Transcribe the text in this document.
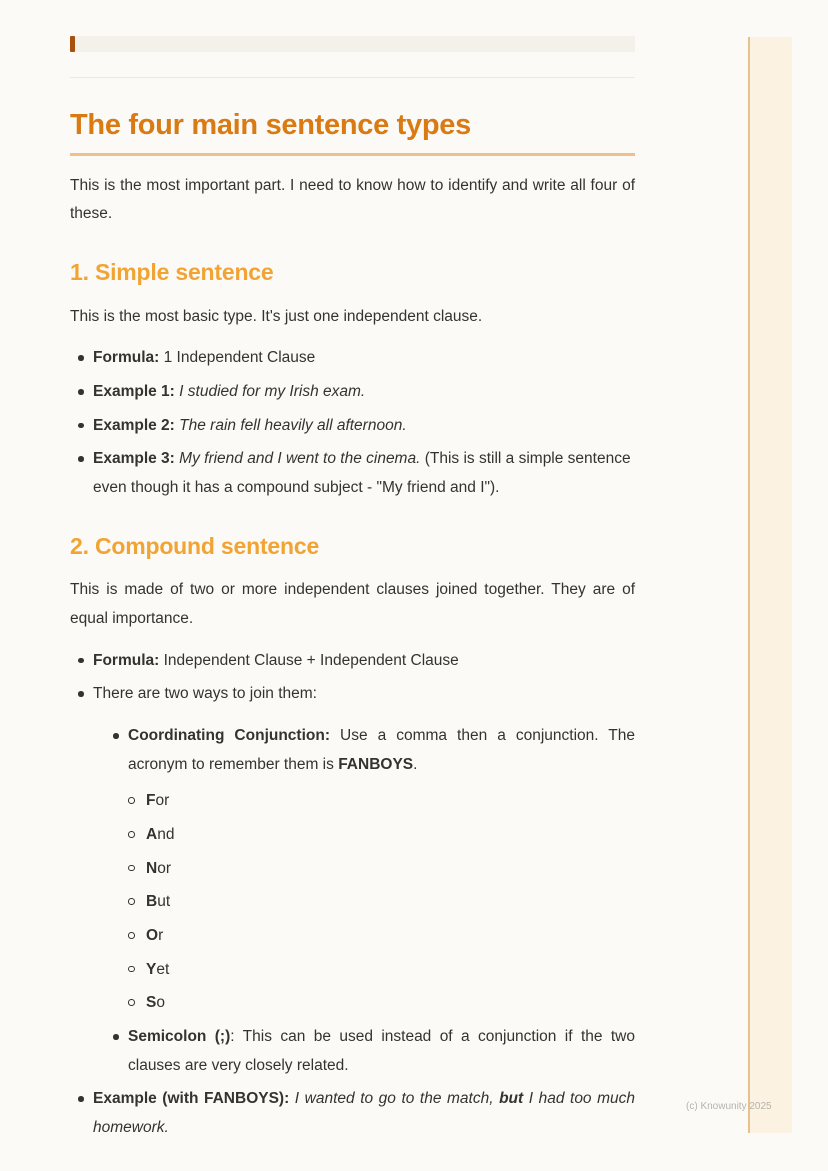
The four main sentence types

This is the most important part. I need to know how to identify and write all four of these.

1. Simple sentence

This is the most basic type. It's just one independent clause.

Formula: 1 Independent Clause
Example 1: I studied for my Irish exam.
Example 2: The rain fell heavily all afternoon.
Example 3: My friend and I went to the cinema. (This is still a simple sentence even though it has a compound subject - "My friend and I").
2. Compound sentence

This is made of two or more independent clauses joined together. They are of equal importance.

Formula: Independent Clause + Independent Clause
There are two ways to join them:
Coordinating Conjunction: Use a comma then a conjunction. The acronym to remember them is FANBOYS.
For
And
Nor
But
Or
Yet
So
Semicolon (;): This can be used instead of a conjunction if the two clauses are very closely related.
Example (with FANBOYS): I wanted to go to the match, but I had too much homework.
(c) Knowunity 2025
